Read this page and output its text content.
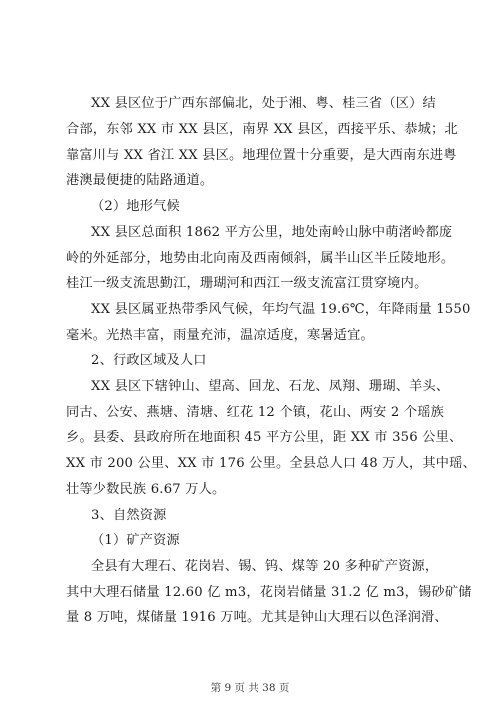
XX 县区位于广西东部偏北，处于湘、粤、桂三省（区）结
合部，东邻 XX 市 XX 县区，南界 XX 县区，西接平乐、恭城；北
靠富川与 XX 省江 XX 县区。地理位置十分重要，是大西南东进粤
港澳最便捷的陆路通道。
（2）地形气候
XX 县区总面积 1862 平方公里，地处南岭山脉中萌渚岭都庞
岭的外延部分，地势由北向南及西南倾斜，属半山区半丘陵地形。
桂江一级支流思勤江，珊瑚河和西江一级支流富江贯穿境内。
XX 县区属亚热带季风气候，年均气温 19.6℃，年降雨量 1550
毫米。光热丰富，雨量充沛，温凉适度，寒暑适宜。
2、行政区域及人口
XX 县区下辖钟山、望高、回龙、石龙、凤翔、珊瑚、羊头、
同古、公安、燕塘、清塘、红花 12 个镇，花山、两安 2 个瑶族
乡。县委、县政府所在地面积 45 平方公里，距 XX 市 356 公里、
XX 市 200 公里、XX 市 176 公里。全县总人口 48 万人，其中瑶、
壮等少数民族 6.67 万人。
3、自然资源
（1）矿产资源
全县有大理石、花岗岩、锡、钨、煤等 20 多种矿产资源，
其中大理石储量 12.60 亿 m3，花岗岩储量 31.2 亿 m3，锡砂矿储
量 8 万吨，煤储量 1916 万吨。尤其是钟山大理石以色泽润滑、
第 9 页 共 38 页
